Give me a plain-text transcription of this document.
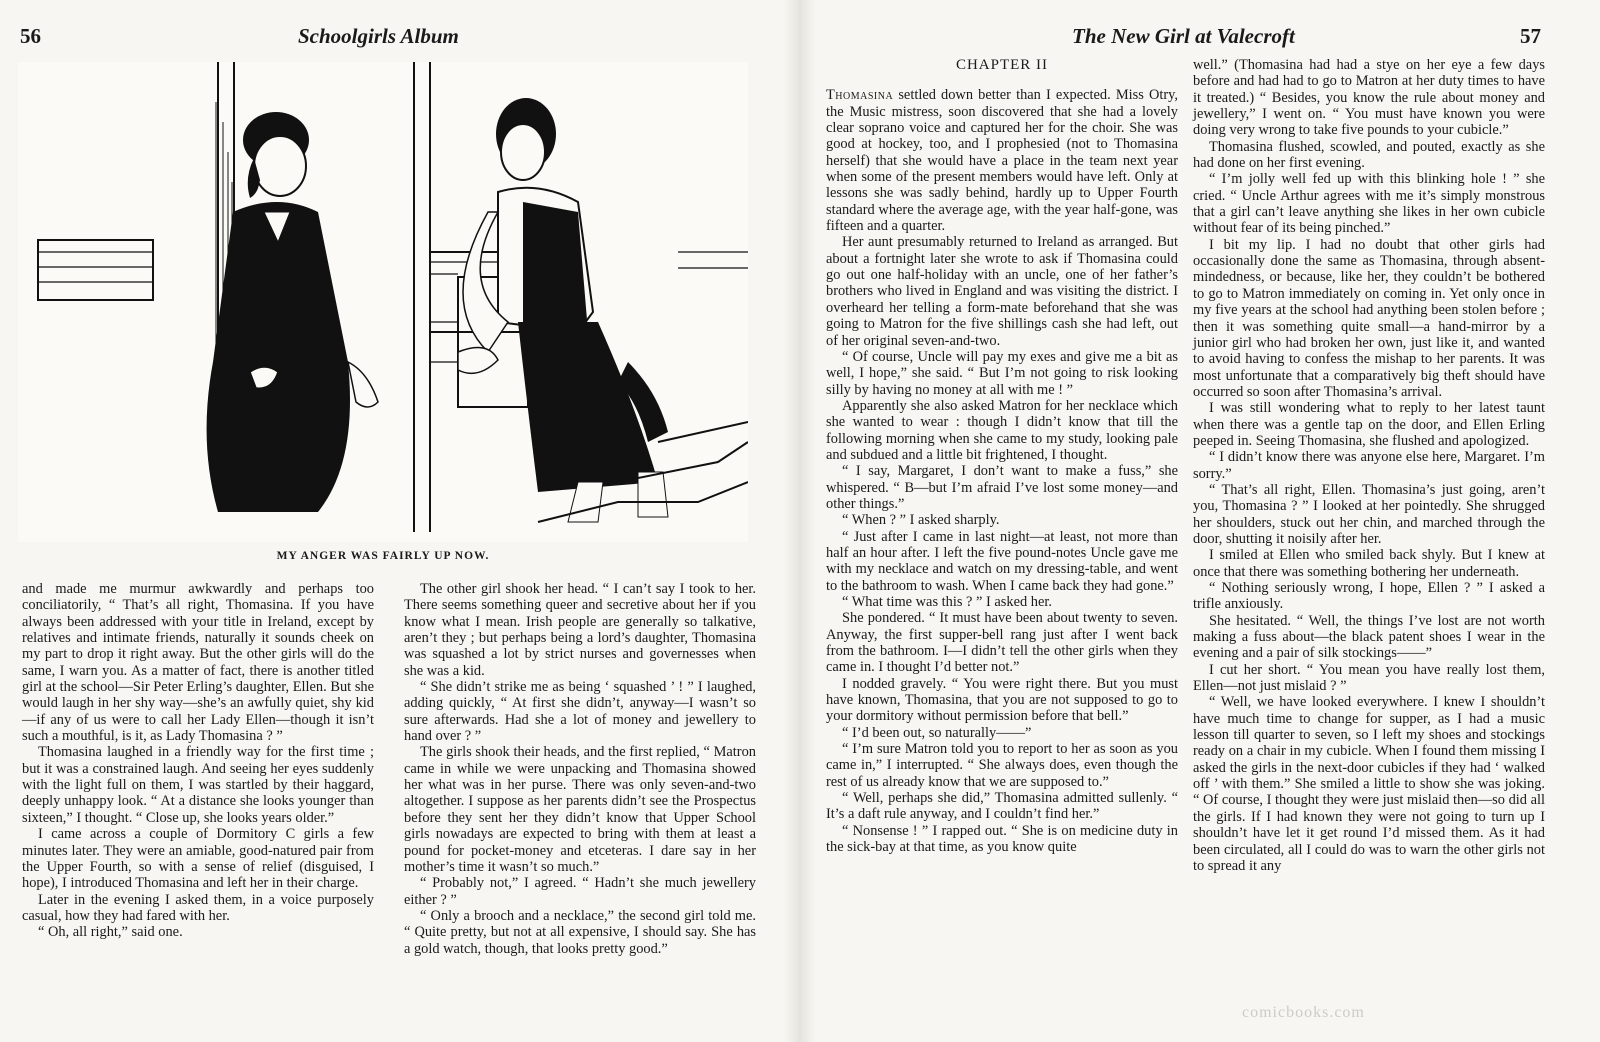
56	Schoolgirls Album
MY ANGER WAS FAIRLY UP NOW.

and made me murmur awkwardly and perhaps too conciliatorily, “ That’s all right, Thomasina. If you have always been addressed with your title in Ireland, except by relatives and intimate friends, naturally it sounds cheek on my part to drop it right away. But the other girls will do the same, I warn you. As a matter of fact, there is another titled girl at the school—Sir Peter Erling’s daughter, Ellen. But she would laugh in her shy way—she’s an awfully quiet, shy kid—if any of us were to call her Lady Ellen—though it isn’t such a mouthful, is it, as Lady Thomasina ? ”

Thomasina laughed in a friendly way for the first time ; but it was a constrained laugh. And seeing her eyes suddenly with the light full on them, I was startled by their haggard, deeply unhappy look. “ At a distance she looks younger than sixteen,” I thought. “ Close up, she looks years older.”

I came across a couple of Dormitory C girls a few minutes later. They were an amiable, good-natured pair from the Upper Fourth, so with a sense of relief (disguised, I hope), I introduced Thomasina and left her in their charge.

Later in the evening I asked them, in a voice purposely casual, how they had fared with her.

“ Oh, all right,” said one.

The other girl shook her head. “ I can’t say I took to her. There seems something queer and secretive about her if you know what I mean. Irish people are generally so talkative, aren’t they ; but perhaps being a lord’s daughter, Thomasina was squashed a lot by strict nurses and governesses when she was a kid.

“ She didn’t strike me as being ‘ squashed ’ ! ” I laughed, adding quickly, “ At first she didn’t, anyway—I wasn’t so sure afterwards. Had she a lot of money and jewellery to hand over ? ”

The girls shook their heads, and the first replied, “ Matron came in while we were unpacking and Thomasina showed her what was in her purse. There was only seven-and-two altogether. I suppose as her parents didn’t see the Prospectus before they sent her they didn’t know that Upper School girls nowadays are expected to bring with them at least a pound for pocket-money and etceteras. I dare say in her mother’s time it wasn’t so much.”

“ Probably not,” I agreed. “ Hadn’t she much jewellery either ? ”

“ Only a brooch and a necklace,” the second girl told me. “ Quite pretty, but not at all expensive, I should say. She has a gold watch, though, that looks pretty good.”

The New Girl at Valecroft	57

CHAPTER II

Thomasina settled down better than I expected. Miss Otry, the Music mistress, soon discovered that she had a lovely clear soprano voice and captured her for the choir. She was good at hockey, too, and I prophesied (not to Thomasina herself) that she would have a place in the team next year when some of the present members would have left. Only at lessons she was sadly behind, hardly up to Upper Fourth standard where the average age, with the year half-gone, was fifteen and a quarter.

Her aunt presumably returned to Ireland as arranged. But about a fortnight later she wrote to ask if Thomasina could go out one half-holiday with an uncle, one of her father’s brothers who lived in England and was visiting the district. I overheard her telling a form-mate beforehand that she was going to Matron for the five shillings cash she had left, out of her original seven-and-two.

“ Of course, Uncle will pay my exes and give me a bit as well, I hope,” she said. “ But I’m not going to risk looking silly by having no money at all with me ! ”

Apparently she also asked Matron for her necklace which she wanted to wear : though I didn’t know that till the following morning when she came to my study, looking pale and subdued and a little bit frightened, I thought.

“ I say, Margaret, I don’t want to make a fuss,” she whispered. “ B—but I’m afraid I’ve lost some money—and other things.”

“ When ? ” I asked sharply.

“ Just after I came in last night—at least, not more than half an hour after. I left the five pound-notes Uncle gave me with my necklace and watch on my dressing-table, and went to the bathroom to wash. When I came back they had gone.”

“ What time was this ? ” I asked her.

She pondered. “ It must have been about twenty to seven. Anyway, the first supper-bell rang just after I went back from the bathroom. I—I didn’t tell the other girls when they came in. I thought I’d better not.”

I nodded gravely. “ You were right there. But you must have known, Thomasina, that you are not supposed to go to your dormitory without permission before that bell.”

“ I’d been out, so naturally——”

“ I’m sure Matron told you to report to her as soon as you came in,” I interrupted. “ She always does, even though the rest of us already know that we are supposed to.”

“ Well, perhaps she did,” Thomasina admitted sullenly. “ It’s a daft rule anyway, and I couldn’t find her.”

“ Nonsense ! ” I rapped out. “ She is on medicine duty in the sick-bay at that time, as you know quite

well.” (Thomasina had had a stye on her eye a few days before and had had to go to Matron at her duty times to have it treated.) “ Besides, you know the rule about money and jewellery,” I went on. “ You must have known you were doing very wrong to take five pounds to your cubicle.”

Thomasina flushed, scowled, and pouted, exactly as she had done on her first evening.

“ I’m jolly well fed up with this blinking hole ! ” she cried. “ Uncle Arthur agrees with me it’s simply monstrous that a girl can’t leave anything she likes in her own cubicle without fear of its being pinched.”

I bit my lip. I had no doubt that other girls had occasionally done the same as Thomasina, through absent-mindedness, or because, like her, they couldn’t be bothered to go to Matron immediately on coming in. Yet only once in my five years at the school had anything been stolen before ; then it was something quite small—a hand-mirror by a junior girl who had broken her own, just like it, and wanted to avoid having to confess the mishap to her parents. It was most unfortunate that a comparatively big theft should have occurred so soon after Thomasina’s arrival.

I was still wondering what to reply to her latest taunt when there was a gentle tap on the door, and Ellen Erling peeped in. Seeing Thomasina, she flushed and apologized.

“ I didn’t know there was anyone else here, Margaret. I’m sorry.”

“ That’s all right, Ellen. Thomasina’s just going, aren’t you, Thomasina ? ” I looked at her pointedly. She shrugged her shoulders, stuck out her chin, and marched through the door, shutting it noisily after her.

I smiled at Ellen who smiled back shyly. But I knew at once that there was something bothering her underneath.

“ Nothing seriously wrong, I hope, Ellen ? ” I asked a trifle anxiously.

She hesitated. “ Well, the things I’ve lost are not worth making a fuss about—the black patent shoes I wear in the evening and a pair of silk stockings——”

I cut her short. “ You mean you have really lost them, Ellen—not just mislaid ? ”

“ Well, we have looked everywhere. I knew I shouldn’t have much time to change for supper, as I had a music lesson till quarter to seven, so I left my shoes and stockings ready on a chair in my cubicle. When I found them missing I asked the girls in the next-door cubicles if they had ‘ walked off ’ with them.” She smiled a little to show she was joking. “ Of course, I thought they were just mislaid then—so did all the girls. If I had known they were not going to turn up I shouldn’t have let it get round I’d missed them. As it had been circulated, all I could do was to warn the other girls not to spread it any

comicbooks.com
